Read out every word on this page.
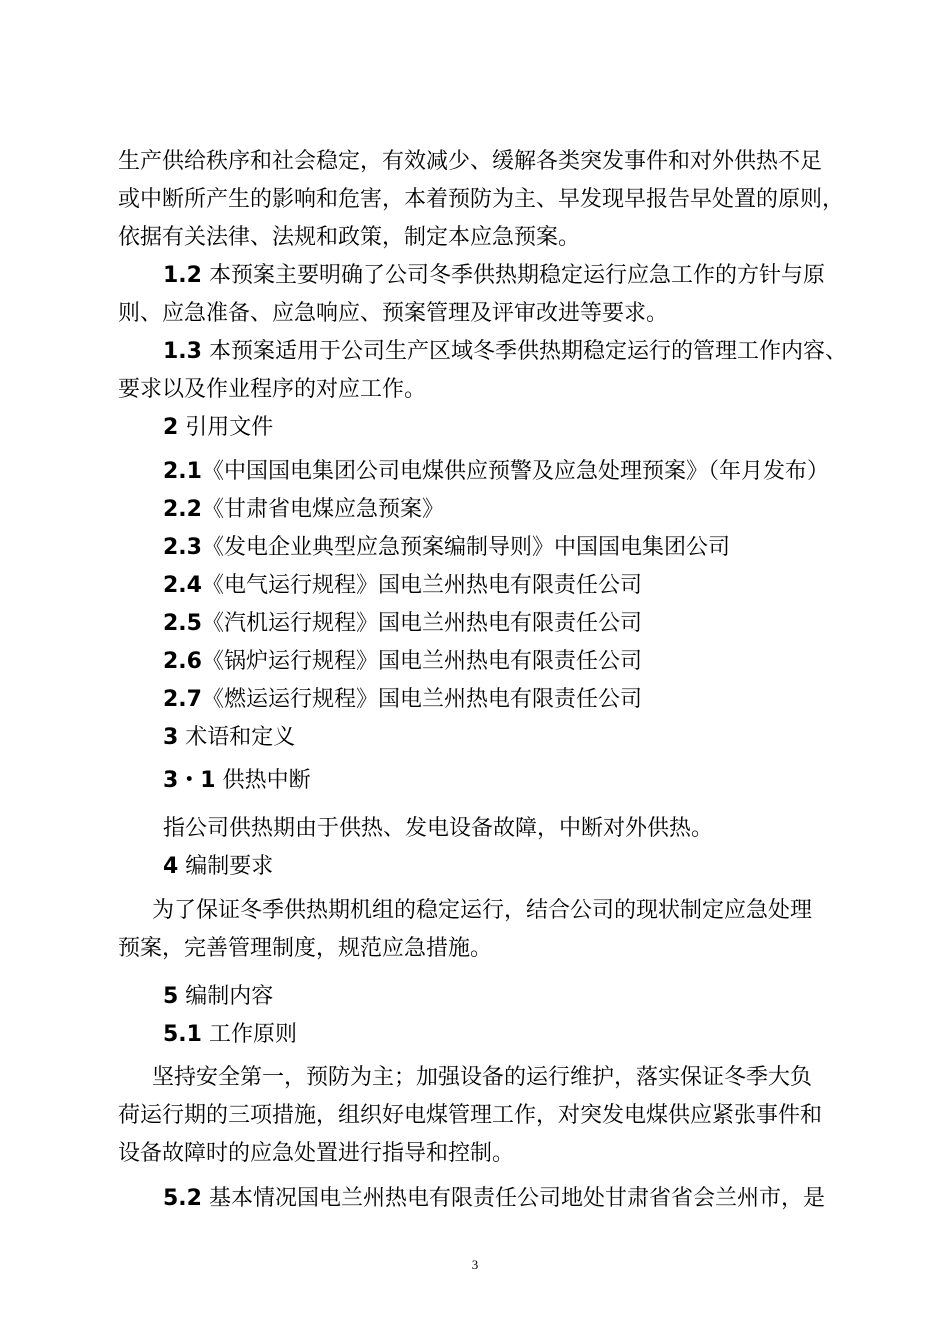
生产供给秩序和社会稳定，有效减少、缓解各类突发事件和对外供热不足
或中断所产生的影响和危害，本着预防为主、早发现早报告早处置的原则，
依据有关法律、法规和政策，制定本应急预案。
1.2 本预案主要明确了公司冬季供热期稳定运行应急工作的方针与原
则、应急准备、应急响应、预案管理及评审改进等要求。
1.3 本预案适用于公司生产区域冬季供热期稳定运行的管理工作内容、
要求以及作业程序的对应工作。
2 引用文件
2.1《中国国电集团公司电煤供应预警及应急处理预案》（年月发布）
2.2《甘肃省电煤应急预案》
2.3《发电企业典型应急预案编制导则》中国国电集团公司
2.4《电气运行规程》国电兰州热电有限责任公司
2.5《汽机运行规程》国电兰州热电有限责任公司
2.6《锅炉运行规程》国电兰州热电有限责任公司
2.7《燃运运行规程》国电兰州热电有限责任公司
3 术语和定义
3・1 供热中断
指公司供热期由于供热、发电设备故障，中断对外供热。
4 编制要求
为了保证冬季供热期机组的稳定运行，结合公司的现状制定应急处理
预案，完善管理制度，规范应急措施。
5 编制内容
5.1 工作原则
坚持安全第一，预防为主；加强设备的运行维护，落实保证冬季大负
荷运行期的三项措施，组织好电煤管理工作，对突发电煤供应紧张事件和
设备故障时的应急处置进行指导和控制。
5.2 基本情况国电兰州热电有限责任公司地处甘肃省省会兰州市，是
3
